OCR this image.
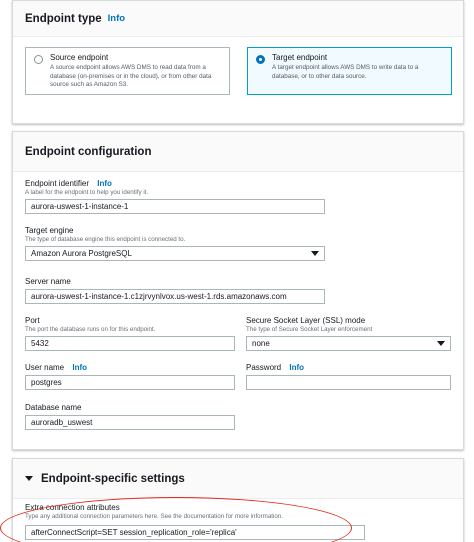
Endpoint type Info
Source endpoint
A source endpoint allows AWS DMS to read data from a database (on-premises or in the cloud), or from other data source such as Amazon S3.
Target endpoint
A target endpoint allows AWS DMS to write data to a database, or to other data source.
Endpoint configuration
Endpoint identifier Info
A label for the endpoint to help you identify it.
aurora-uswest-1-instance-1
Target engine
The type of database engine this endpoint is connected to.
Amazon Aurora PostgreSQL
Server name
aurora-uswest-1-instance-1.c1zjrvynlvox.us-west-1.rds.amazonaws.com
Port
The port the database runs on for this endpoint.
5432
Secure Socket Layer (SSL) mode
The type of Secure Socket Layer enforcement
none
User name Info
postgres
Password Info
Database name
auroradb_uswest
Endpoint-specific settings
Extra connection attributes
Type any additional connection parameters here. See the documentation for more information.
afterConnectScript=SET session_replication_role='replica'
